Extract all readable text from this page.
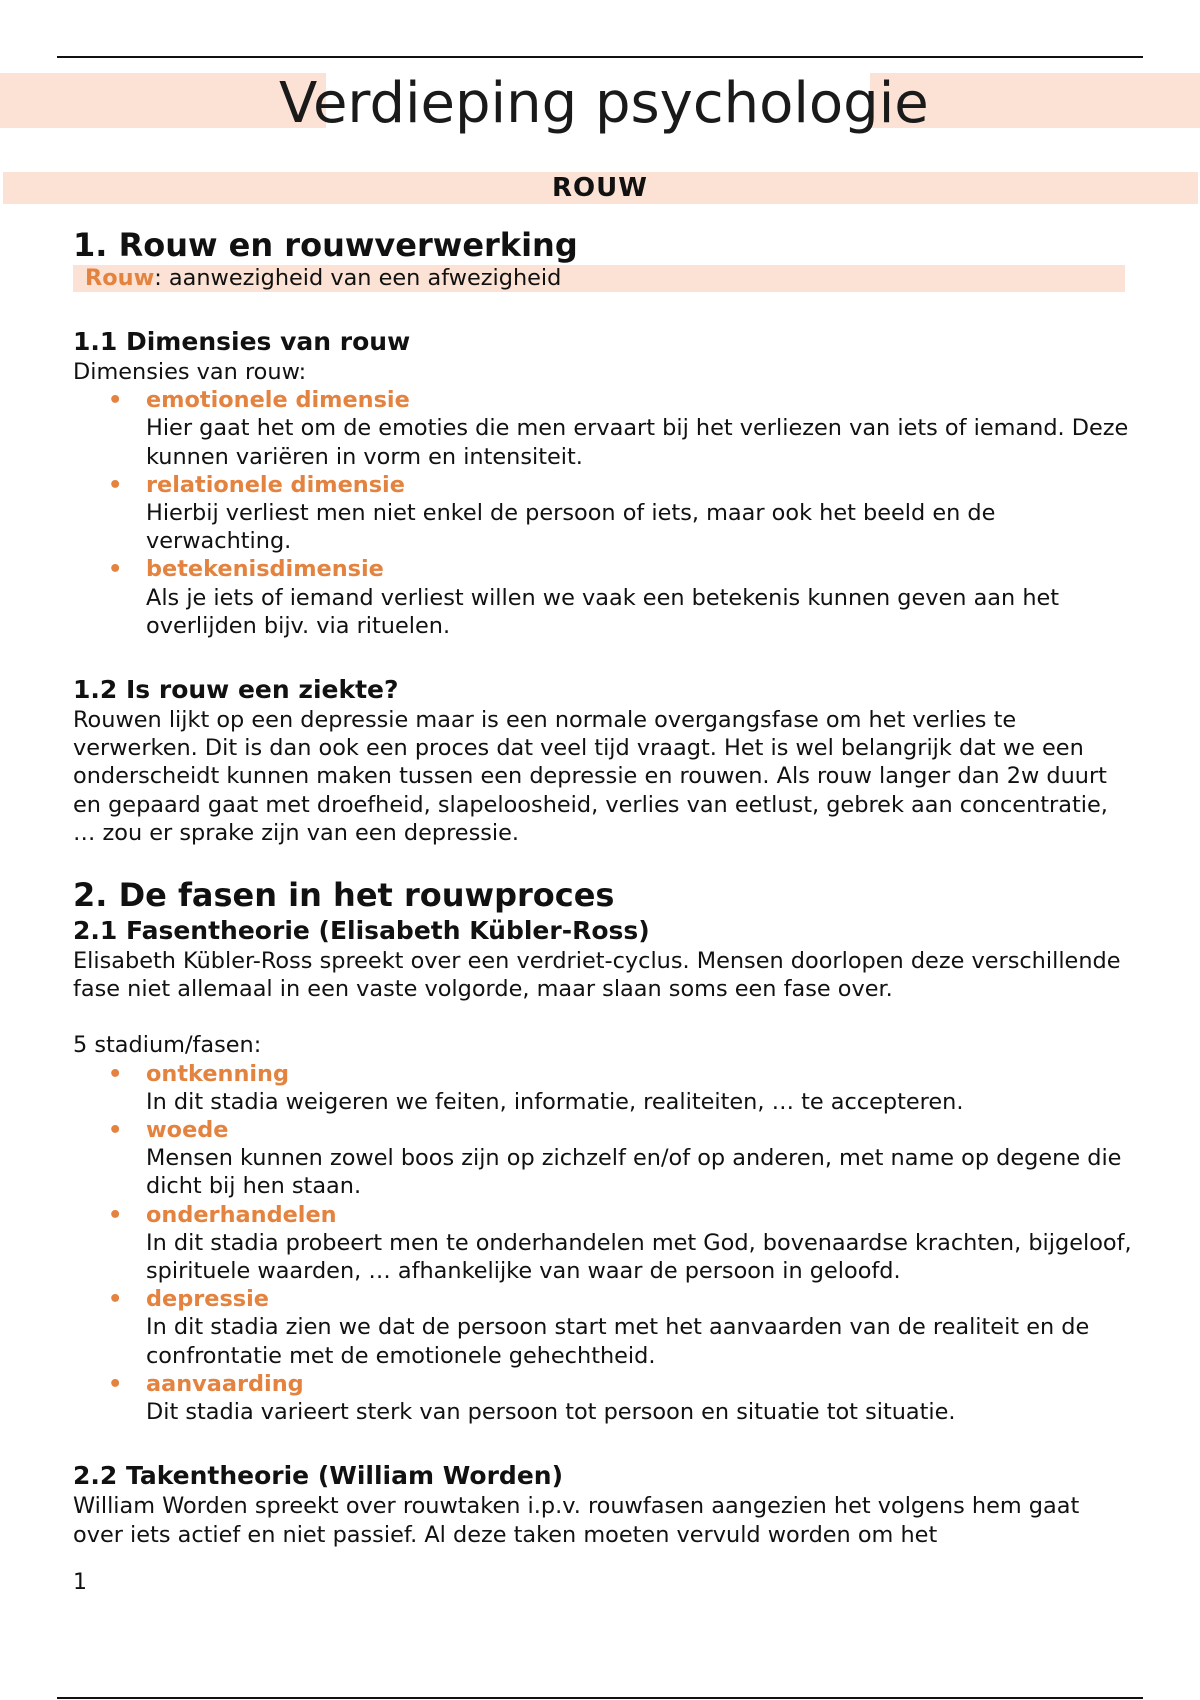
Verdieping psychologie
ROUW
1. Rouw en rouwverwerking
Rouw: aanwezigheid van een afwezigheid
1.1 Dimensies van rouw

Dimensies van rouw:

• emotionele dimensie
Hier gaat het om de emoties die men ervaart bij het verliezen van iets of iemand. Deze kunnen variëren in vorm en intensiteit.
• relationele dimensie
Hierbij verliest men niet enkel de persoon of iets, maar ook het beeld en de verwachting.
• betekenisdimensie
Als je iets of iemand verliest willen we vaak een betekenis kunnen geven aan het overlijden bijv. via rituelen.
1.2 Is rouw een ziekte?

Rouwen lijkt op een depressie maar is een normale overgangsfase om het verlies te verwerken. Dit is dan ook een proces dat veel tijd vraagt. Het is wel belangrijk dat we een onderscheidt kunnen maken tussen een depressie en rouwen. Als rouw langer dan 2w duurt en gepaard gaat met droefheid, slapeloosheid, verlies van eetlust, gebrek aan concentratie, … zou er sprake zijn van een depressie.

2. De fasen in het rouwproces
2.1 Fasentheorie (Elisabeth Kübler-Ross)

Elisabeth Kübler-Ross spreekt over een verdriet-cyclus. Mensen doorlopen deze verschillende fase niet allemaal in een vaste volgorde, maar slaan soms een fase over.

5 stadium/fasen:

• ontkenning
In dit stadia weigeren we feiten, informatie, realiteiten, … te accepteren.
• woede
Mensen kunnen zowel boos zijn op zichzelf en/of op anderen, met name op degene die dicht bij hen staan.
• onderhandelen
In dit stadia probeert men te onderhandelen met God, bovenaardse krachten, bijgeloof, spirituele waarden, … afhankelijke van waar de persoon in geloofd.
• depressie
In dit stadia zien we dat de persoon start met het aanvaarden van de realiteit en de confrontatie met de emotionele gehechtheid.
• aanvaarding
Dit stadia varieert sterk van persoon tot persoon en situatie tot situatie.
2.2 Takentheorie (William Worden)

William Worden spreekt over rouwtaken i.p.v. rouwfasen aangezien het volgens hem gaat over iets actief en niet passief. Al deze taken moeten vervuld worden om het

1
